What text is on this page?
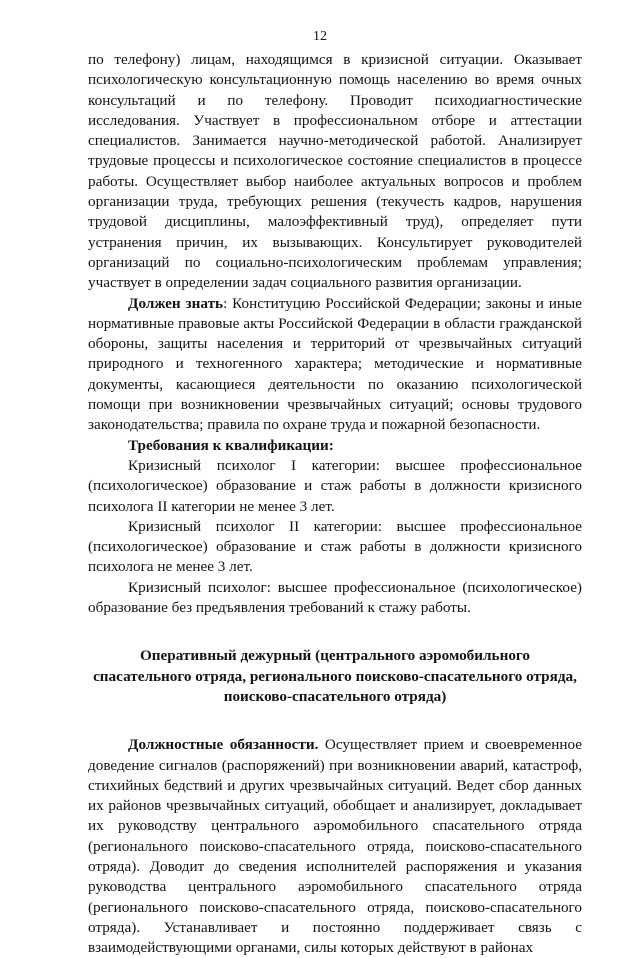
12

по телефону) лицам, находящимся в кризисной ситуации. Оказывает психологическую консультационную помощь населению во время очных консультаций и по телефону. Проводит психодиагностические исследования. Участвует в профессиональном отборе и аттестации специалистов. Занимается научно-методической работой. Анализирует трудовые процессы и психологическое состояние специалистов в процессе работы. Осуществляет выбор наиболее актуальных вопросов и проблем организации труда, требующих решения (текучесть кадров, нарушения трудовой дисциплины, малоэффективный труд), определяет пути устранения причин, их вызывающих. Консультирует руководителей организаций по социально-психологическим проблемам управления; участвует в определении задач социального развития организации.

Должен знать: Конституцию Российской Федерации; законы и иные нормативные правовые акты Российской Федерации в области гражданской обороны, защиты населения и территорий от чрезвычайных ситуаций природного и техногенного характера; методические и нормативные документы, касающиеся деятельности по оказанию психологической помощи при возникновении чрезвычайных ситуаций; основы трудового законодательства; правила по охране труда и пожарной безопасности.

Требования к квалификации:

Кризисный психолог I категории: высшее профессиональное (психологическое) образование и стаж работы в должности кризисного психолога II категории не менее 3 лет.

Кризисный психолог II категории: высшее профессиональное (психологическое) образование и стаж работы в должности кризисного психолога не менее 3 лет.

Кризисный психолог: высшее профессиональное (психологическое) образование без предъявления требований к стажу работы.

Оперативный дежурный (центрального аэромобильного
спасательного отряда, регионального поисково-спасательного отряда,
поисково-спасательного отряда)

Должностные обязанности. Осуществляет прием и своевременное доведение сигналов (распоряжений) при возникновении аварий, катастроф, стихийных бедствий и других чрезвычайных ситуаций. Ведет сбор данных их районов чрезвычайных ситуаций, обобщает и анализирует, докладывает их руководству центрального аэромобильного спасательного отряда (регионального поисково-спасательного отряда, поисково-спасательного отряда). Доводит до сведения исполнителей распоряжения и указания руководства центрального аэромобильного спасательного отряда (регионального поисково-спасательного отряда, поисково-спасательного отряда). Устанавливает и постоянно поддерживает связь с взаимодействующими органами, силы которых действуют в районах
